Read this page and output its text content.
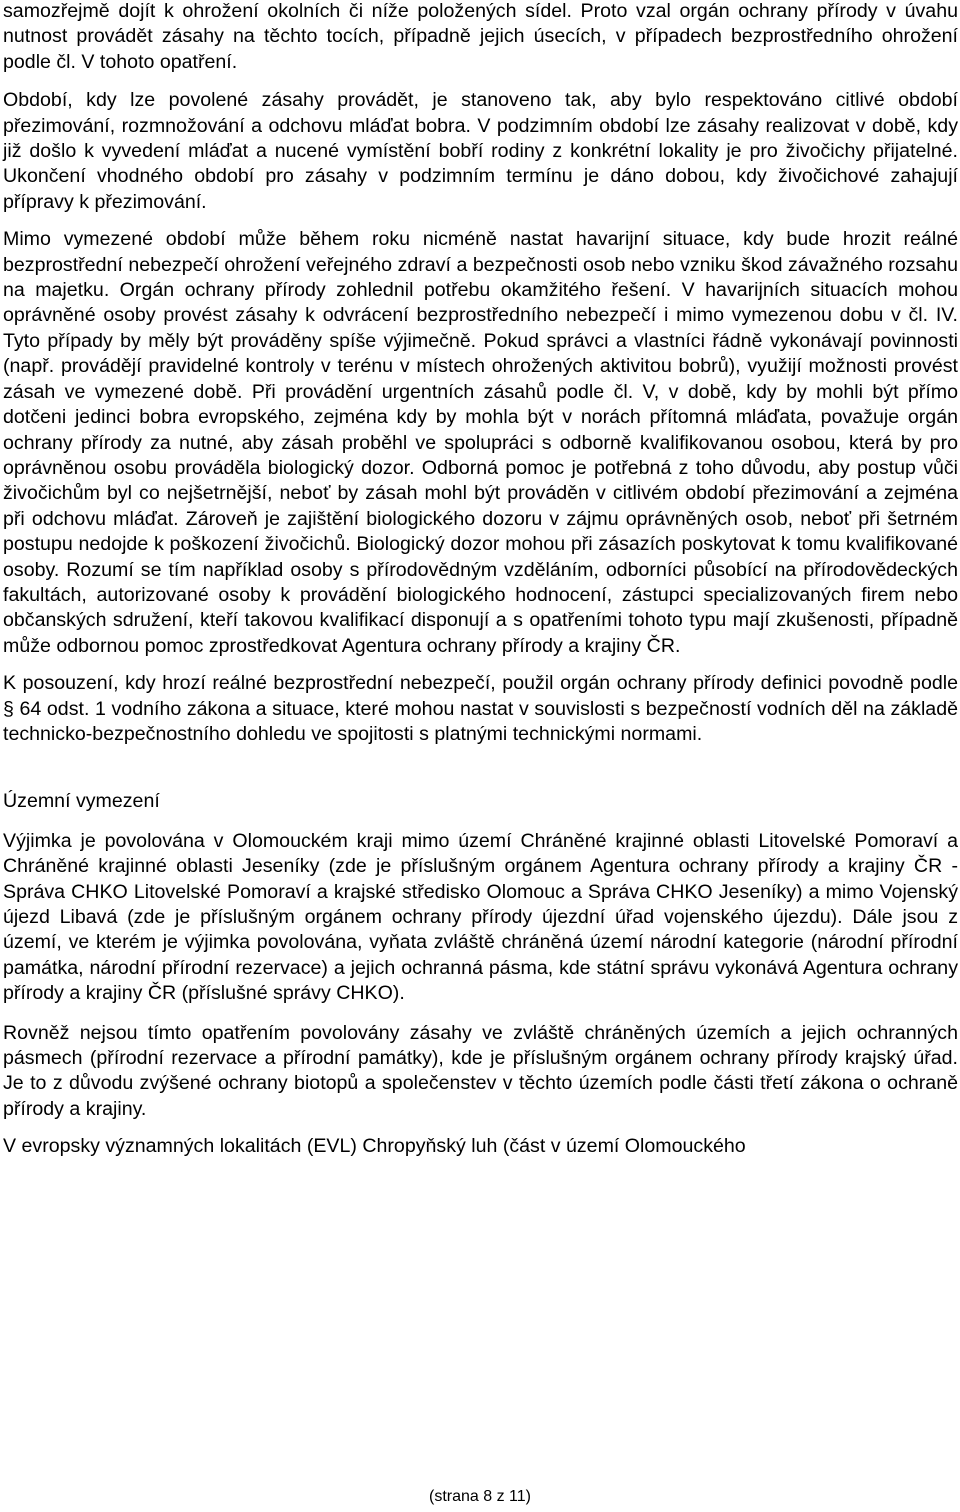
samozřejmě dojít k ohrožení okolních či níže položených sídel. Proto vzal orgán ochrany přírody v úvahu nutnost provádět zásahy na těchto tocích, případně jejich úsecích, v případech bezprostředního ohrožení podle čl. V tohoto opatření.

Období, kdy lze povolené zásahy provádět, je stanoveno tak, aby bylo respektováno citlivé období přezimování, rozmnožování a odchovu mláďat bobra. V podzimním období lze zásahy realizovat v době, kdy již došlo k vyvedení mláďat a nucené vymístění bobří rodiny z konkrétní lokality je pro živočichy přijatelné. Ukončení vhodného období pro zásahy v podzimním termínu je dáno dobou, kdy živočichové zahajují přípravy k přezimování.

Mimo vymezené období může během roku nicméně nastat havarijní situace, kdy bude hrozit reálné bezprostřední nebezpečí ohrožení veřejného zdraví a bezpečnosti osob nebo vzniku škod závažného rozsahu na majetku. Orgán ochrany přírody zohlednil potřebu okamžitého řešení. V havarijních situacích mohou oprávněné osoby provést zásahy k odvrácení bezprostředního nebezpečí i mimo vymezenou dobu v čl. IV. Tyto případy by měly být prováděny spíše výjimečně. Pokud správci a vlastníci řádně vykonávají povinnosti (např. provádějí pravidelné kontroly v terénu v místech ohrožených aktivitou bobrů), využijí možnosti provést zásah ve vymezené době. Při provádění urgentních zásahů podle čl. V, v době, kdy by mohli být přímo dotčeni jedinci bobra evropského, zejména kdy by mohla být v norách přítomná mláďata, považuje orgán ochrany přírody za nutné, aby zásah proběhl ve spolupráci s odborně kvalifikovanou osobou, která by pro oprávněnou osobu prováděla biologický dozor. Odborná pomoc je potřebná z toho důvodu, aby postup vůči živočichům byl co nejšetrnější, neboť by zásah mohl být prováděn v citlivém období přezimování a zejména při odchovu mláďat. Zároveň je zajištění biologického dozoru v zájmu oprávněných osob, neboť při šetrném postupu nedojde k poškození živočichů. Biologický dozor mohou při zásazích poskytovat k tomu kvalifikované osoby. Rozumí se tím například osoby s přírodovědným vzděláním, odborníci působící na přírodovědeckých fakultách, autorizované osoby k provádění biologického hodnocení, zástupci specializovaných firem nebo občanských sdružení, kteří takovou kvalifikací disponují a s opatřeními tohoto typu mají zkušenosti, případně může odbornou pomoc zprostředkovat Agentura ochrany přírody a krajiny ČR.

K posouzení, kdy hrozí reálné bezprostřední nebezpečí, použil orgán ochrany přírody definici povodně podle § 64 odst. 1 vodního zákona a situace, které mohou nastat v souvislosti s bezpečností vodních děl na základě technicko-bezpečnostního dohledu ve spojitosti s platnými technickými normami.

Územní vymezení

Výjimka je povolována v Olomouckém kraji mimo území Chráněné krajinné oblasti Litovelské Pomoraví a Chráněné krajinné oblasti Jeseníky (zde je příslušným orgánem Agentura ochrany přírody a krajiny ČR - Správa CHKO Litovelské Pomoraví a krajské středisko Olomouc a Správa CHKO Jeseníky) a mimo Vojenský újezd Libavá (zde je příslušným orgánem ochrany přírody újezdní úřad vojenského újezdu). Dále jsou z území, ve kterém je výjimka povolována, vyňata zvláště chráněná území národní kategorie (národní přírodní památka, národní přírodní rezervace) a jejich ochranná pásma, kde státní správu vykonává Agentura ochrany přírody a krajiny ČR (příslušné správy CHKO).

Rovněž nejsou tímto opatřením povolovány zásahy ve zvláště chráněných územích a jejich ochranných pásmech (přírodní rezervace a přírodní památky), kde je příslušným orgánem ochrany přírody krajský úřad. Je to z důvodu zvýšené ochrany biotopů a společenstev v těchto územích podle části třetí zákona o ochraně přírody a krajiny.

V evropsky významných lokalitách (EVL) Chropyňský luh (část v území Olomouckého

(strana 8 z 11)
